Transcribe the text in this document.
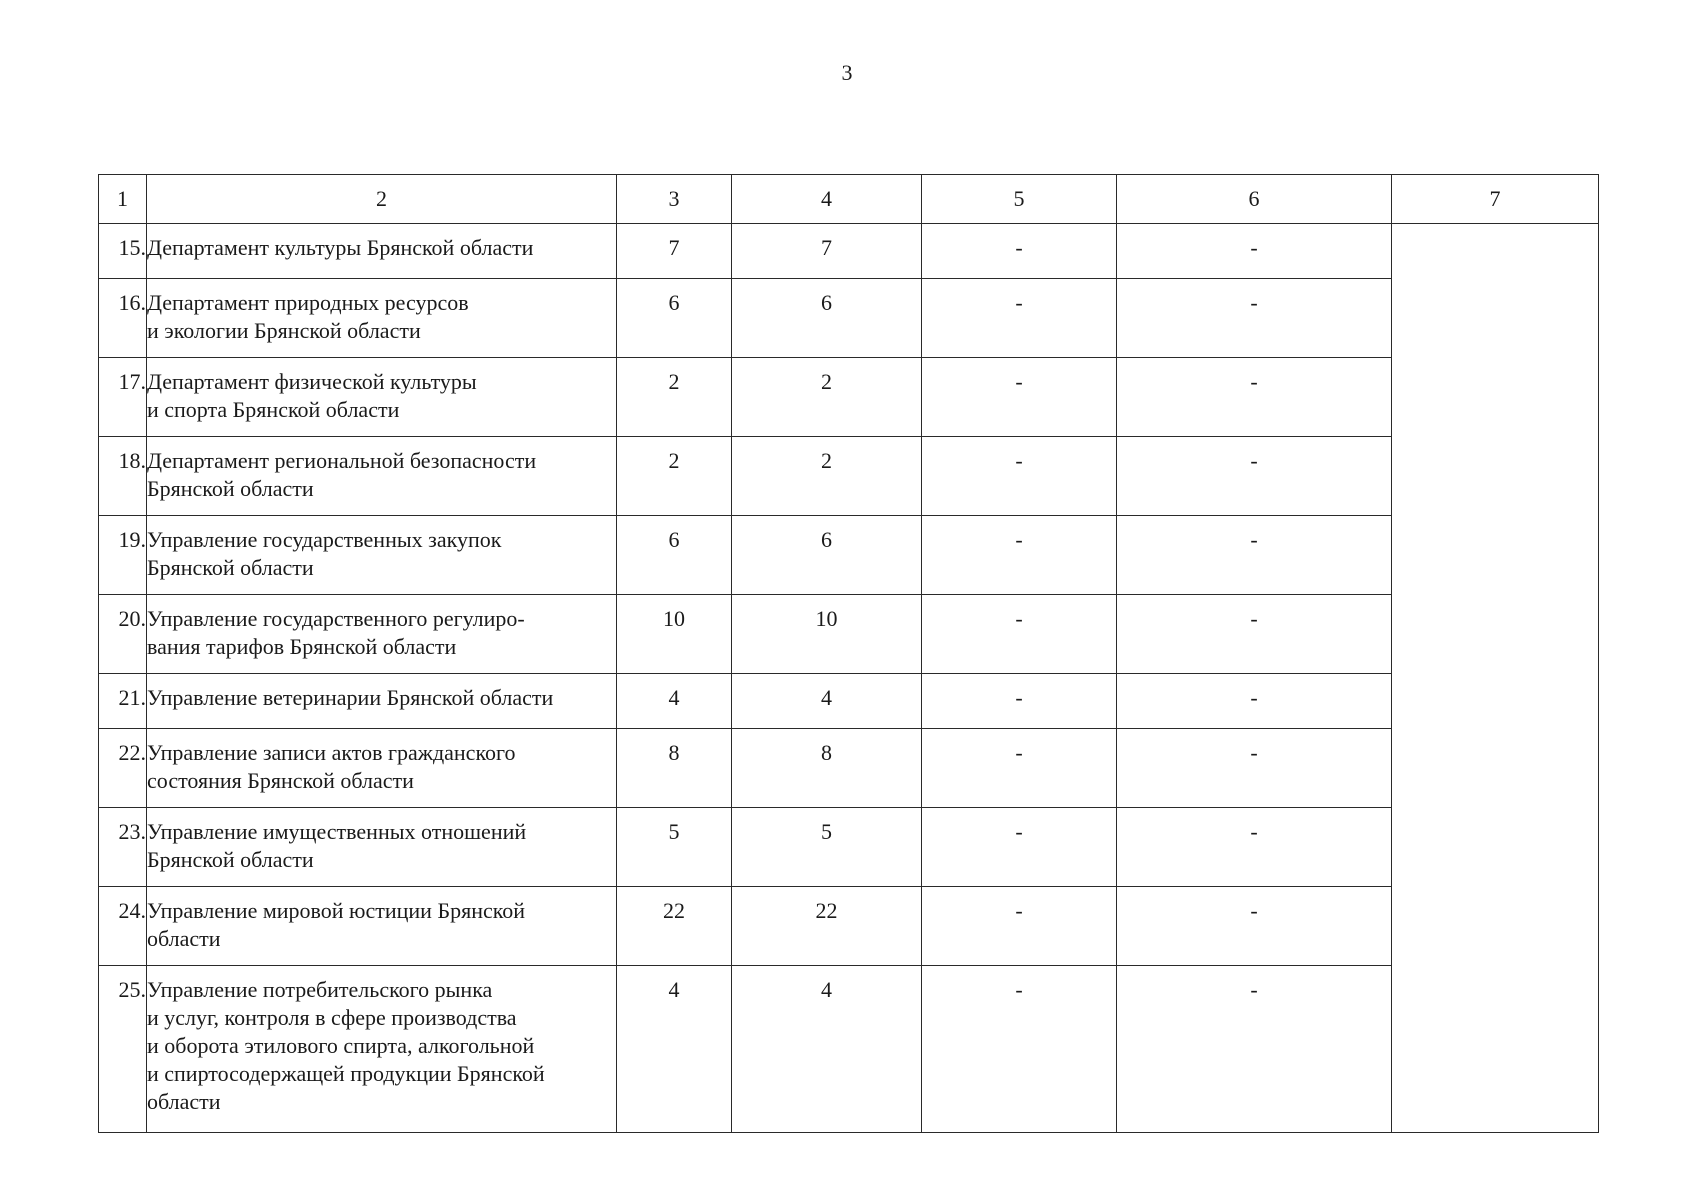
3
1	2	3	4	5	6	7
15.	Департамент культуры Брянской области	7	7	-	-	
16.	Департамент природных ресурсов
и экологии Брянской области	6	6	-	-	
17.	Департамент физической культуры
и спорта Брянской области	2	2	-	-	
18.	Департамент региональной безопасности
Брянской области	2	2	-	-	
19.	Управление государственных закупок
Брянской области	6	6	-	-	
20.	Управление государственного регулиро-
вания тарифов Брянской области	10	10	-	-	
21.	Управление ветеринарии Брянской области	4	4	-	-	
22.	Управление записи актов гражданского
состояния Брянской области	8	8	-	-	
23.	Управление имущественных отношений
Брянской области	5	5	-	-	
24.	Управление мировой юстиции Брянской
области	22	22	-	-	
25.	Управление потребительского рынка
и услуг, контроля в сфере производства
и оборота этилового спирта, алкогольной
и спиртосодержащей продукции Брянской
области	4	4	-	-	
